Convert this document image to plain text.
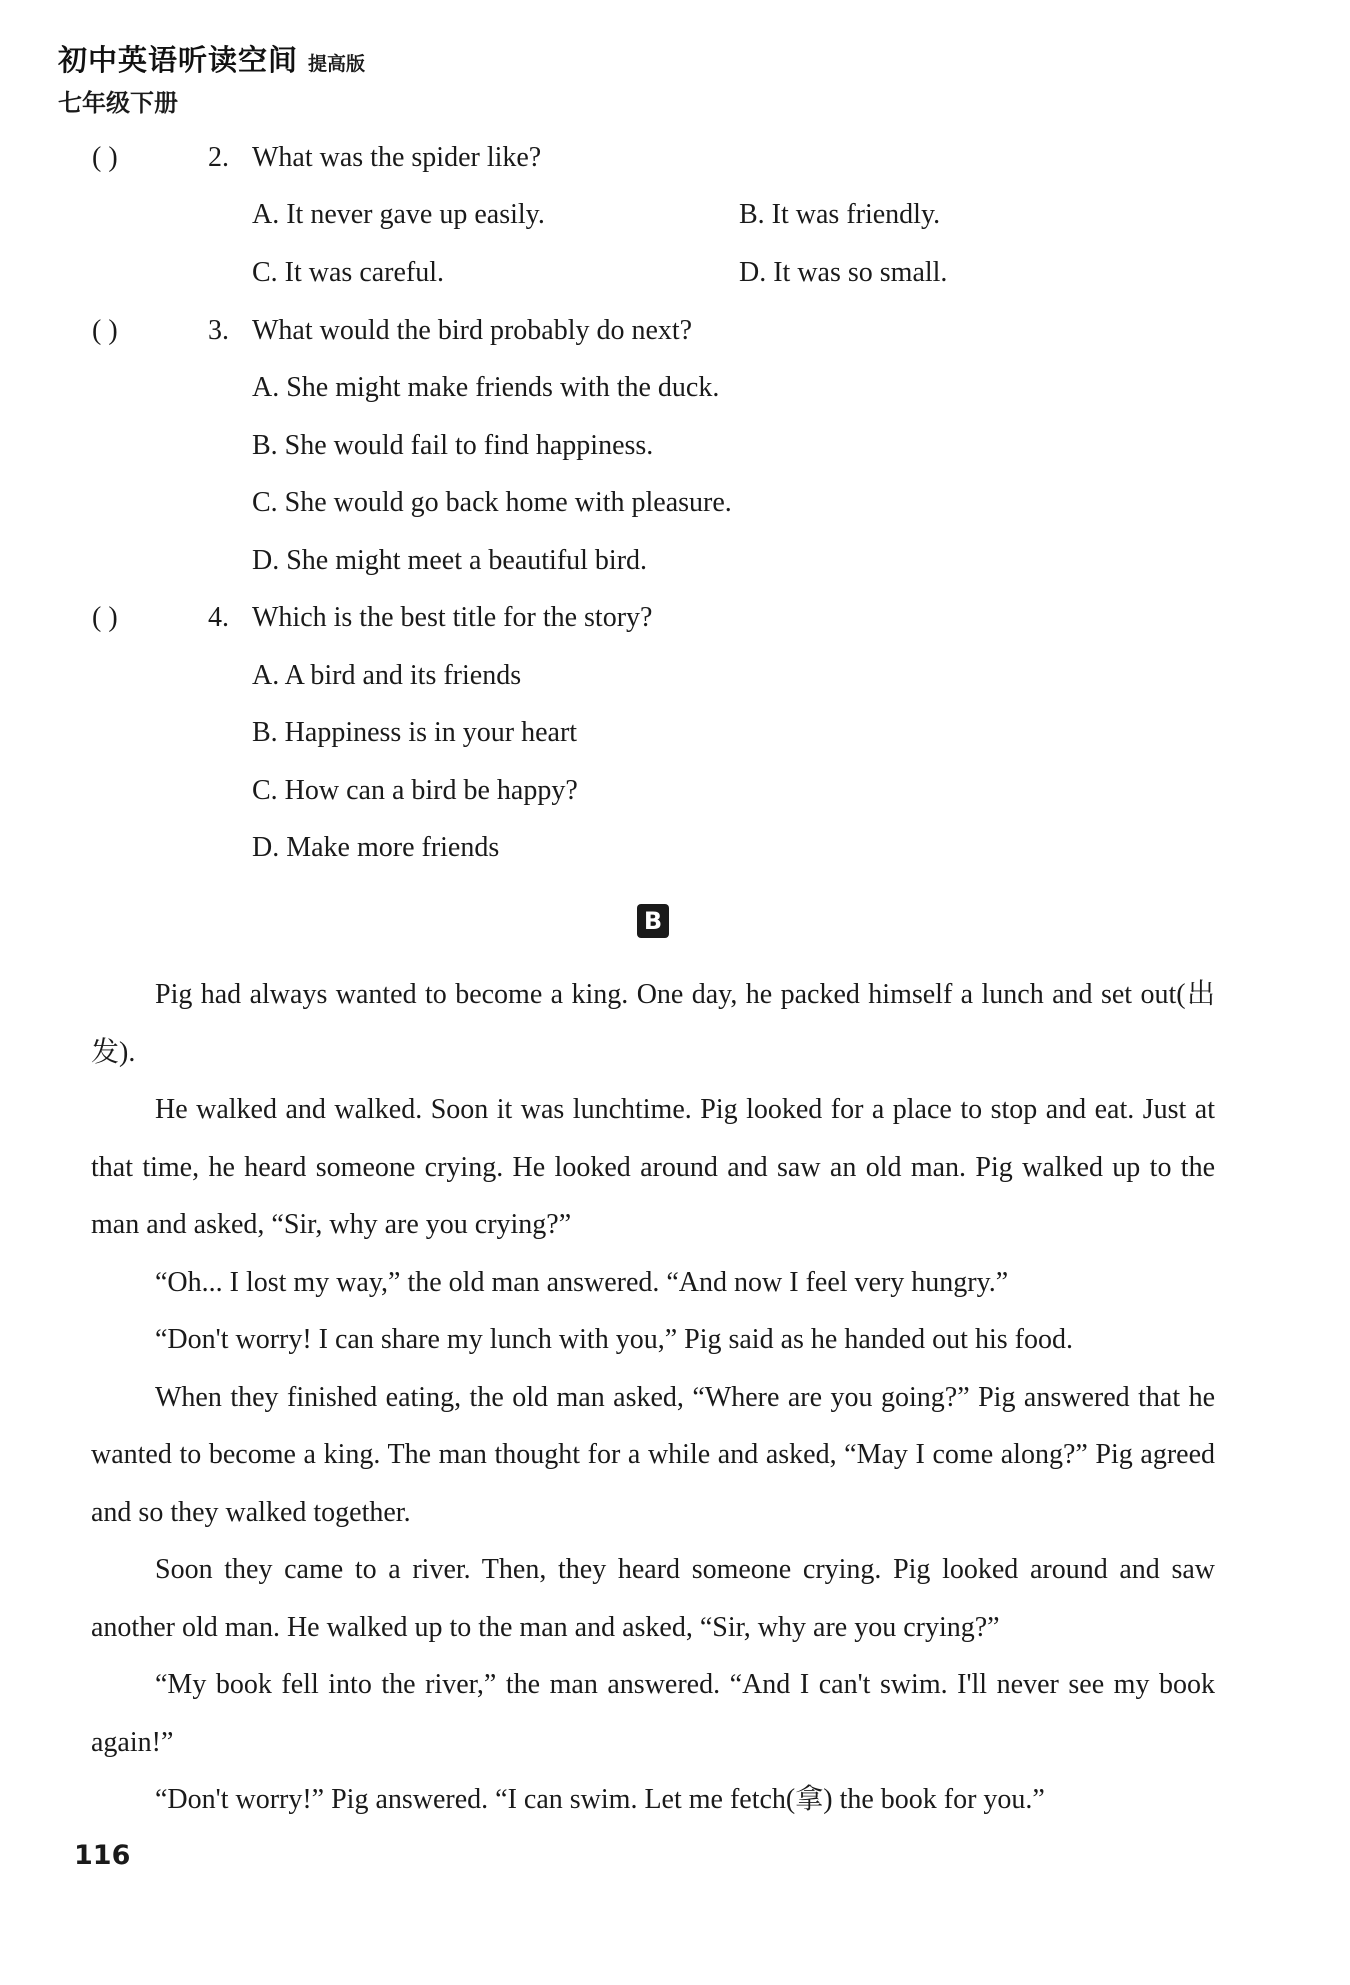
初中英语听读空间 提高版
七年级下册
( )	2. What was the spider like?
A. It never gave up easily.	B. It was friendly.
C. It was careful.	D. It was so small.
( )	3. What would the bird probably do next?
A. She might make friends with the duck.
B. She would fail to find happiness.
C. She would go back home with pleasure.
D. She might meet a beautiful bird.
( )	4. Which is the best title for the story?
A. A bird and its friends
B. Happiness is in your heart
C. How can a bird be happy?
D. Make more friends
B

Pig had always wanted to become a king. One day, he packed himself a lunch and set out(出发).

He walked and walked. Soon it was lunchtime. Pig looked for a place to stop and eat. Just at that time, he heard someone crying. He looked around and saw an old man. Pig walked up to the man and asked, “Sir, why are you crying?”

“Oh... I lost my way,” the old man answered. “And now I feel very hungry.”

“Don't worry! I can share my lunch with you,” Pig said as he handed out his food.

When they finished eating, the old man asked, “Where are you going?” Pig answered that he wanted to become a king. The man thought for a while and asked, “May I come along?” Pig agreed and so they walked together.

Soon they came to a river. Then, they heard someone crying. Pig looked around and saw another old man. He walked up to the man and asked, “Sir, why are you crying?”

“My book fell into the river,” the man answered. “And I can't swim. I'll never see my book again!”

“Don't worry!” Pig answered. “I can swim. Let me fetch(拿) the book for you.”

116
